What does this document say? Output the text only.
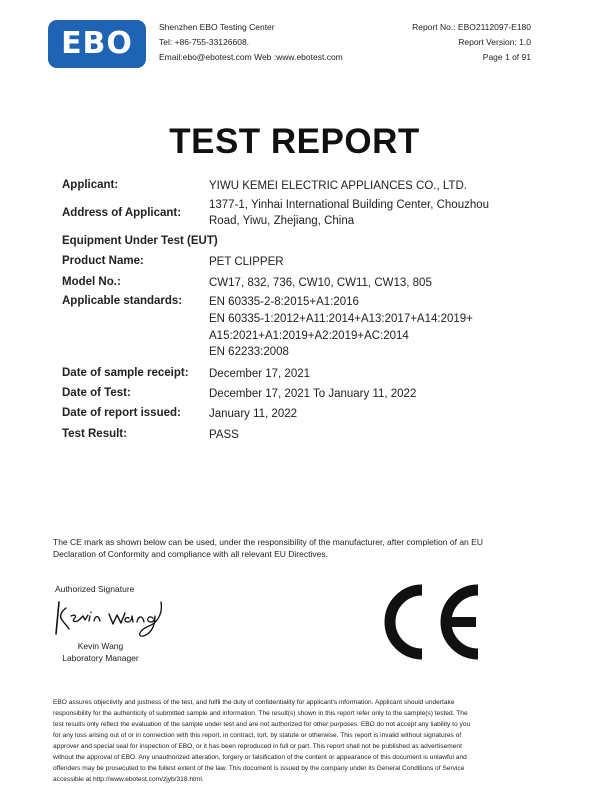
EBO	Shenzhen EBO Testing Center
Tel: +86-755-33126608.
Email:ebo@ebotest.com Web :www.ebotest.com
Report No.: EBO2112097-E180
Report Version: 1.0
Page 1 of 91
TEST REPORT
Applicant:	YIWU KEMEI ELECTRIC APPLIANCES CO., LTD.
Address of Applicant:
1377-1, Yinhai International Building Center, Chouzhou
Road, Yiwu, Zhejiang, China
Equipment Under Test (EUT)
Product Name:	PET CLIPPER
Model No.:	CW17, 832, 736, CW10, CW11, CW13, 805
Applicable standards: EN 60335-2-8:2015+A1:2016
EN 60335-1:2012+A11:2014+A13:2017+A14:2019+
A15:2021+A1:2019+A2:2019+AC:2014
EN 62233:2008
Date of sample receipt: December 17, 2021
Date of Test:	December 17, 2021 To January 11, 2022
Date of report issued: January 11, 2022
Test Result:	PASS
The CE mark as shown below can be used, under the responsibility of the manufacturer, after completion of an EU
Declaration of Conformity and compliance with all relevant EU Directives.
Authorized Signature
Kevin Wang
Laboratory Manager
EBO assures objectivity and justness of the test, and fulfil the duty of confidentiality for applicant's information. Applicant should undertake
responsibility for the authenticity of submitted sample and information. The result(s) shown in this report refer only to the sample(s) tested. The
test results only reflect the evaluation of the sample under test and are not authorized for other purposes. EBO do not accept any liability to you
for any loss arising out of or in connection with this report, in contract, tort, by statute or otherwise. This report is invalid without signatures of
approver and special seal for inspection of EBO, or it has been reproduced in full or part. This report shall not be published as advertisement
without the approval of EBO. Any unauthorized alteration, forgery or falsification of the content or appearance of this document is unlawful and
offenders may be prosecuted to the fullest extent of the law. This document is issued by the company under its General Conditions of Service
accessible at http://www.ebotest.com/zjyb/318.html.
